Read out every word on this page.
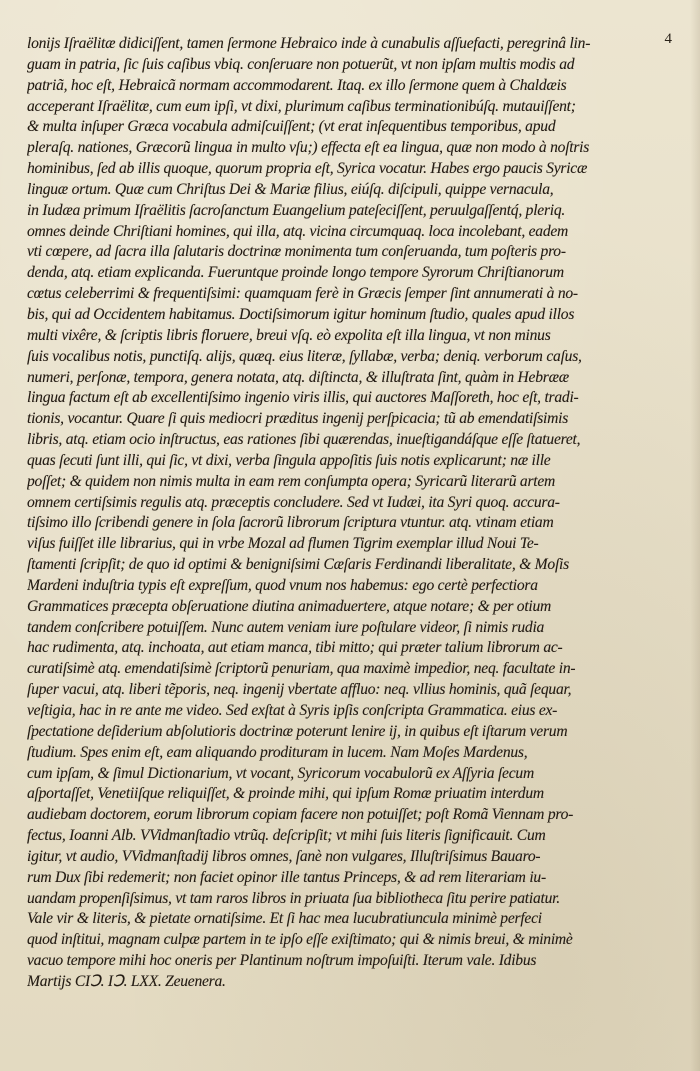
4

lonijs Iſraëlitæ didiciſſent, tamen ſermone Hebraico inde à cunabulis aſſuefacti, peregrinâ lin-

guam in patria, ſic ſuis caſibus vbiq. conſeruare non potuerũt, vt non ipſam multis modis ad

patriã, hoc eſt, Hebraicã normam accommodarent. Itaq. ex illo ſermone quem à Chaldæis

acceperant Iſraëlitæ, cum eum ipſi, vt dixi, plurimum caſibus terminationibúſq. mutauiſſent;

& multa inſuper Græca vocabula admiſcuiſſent; (vt erat inſequentibus temporibus, apud

pleraſq. nationes, Græcorũ lingua in multo vſu;) effecta eſt ea lingua, quæ non modo à noſtris

hominibus, ſed ab illis quoque, quorum propria eſt, Syrica vocatur. Habes ergo paucis Syricæ

linguæ ortum. Quæ cum Chriſtus Dei & Mariæ filius, eiúſq. diſcipuli, quippe vernacula,

in Iudæa primum Iſraëlitis ſacroſanctum Euangelium pateſeciſſent, peruulgaſſentq́, pleriq.

omnes deinde Chriſtiani homines, qui illa, atq. vicina circumquaq. loca incolebant, eadem

vti cœpere, ad ſacra illa ſalutaris doctrinæ monimenta tum conſeruanda, tum poſteris pro-

denda, atq. etiam explicanda. Fueruntque proinde longo tempore Syrorum Chriſtianorum

cœtus celeberrimi & frequentiſsimi: quamquam ferè in Græcis ſemper ſint annumerati à no-

bis, qui ad Occidentem habitamus. Doctiſsimorum igitur hominum ſtudio, quales apud illos

multi vixêre, & ſcriptis libris floruere, breui vſq. eò expolita eſt illa lingua, vt non minus

ſuis vocalibus notis, punctiſq. alijs, quæq. eius literæ, ſyllabæ, verba; deniq. verborum caſus,

numeri, perſonæ, tempora, genera notata, atq. diſtincta, & illuſtrata ſint, quàm in Hebrææ

lingua factum eſt ab excellentiſsimo ingenio viris illis, qui auctores Maſſoreth, hoc eſt, tradi-

tionis, vocantur. Quare ſi quis mediocri præditus ingenij perſpicacia; tũ ab emendatiſsimis

libris, atq. etiam ocio inſtructus, eas rationes ſibi quærendas, inueſtigandáſque eſſe ſtatueret,

quas ſecuti ſunt illi, qui ſic, vt dixi, verba ſingula appoſitis ſuis notis explicarunt; næ ille

poſſet; & quidem non nimis multa in eam rem conſumpta opera; Syricarũ literarũ artem

omnem certiſsimis regulis atq. præceptis concludere. Sed vt Iudæi, ita Syri quoq. accura-

tiſsimo illo ſcribendi genere in ſola ſacrorũ librorum ſcriptura vtuntur. atq. vtinam etiam

viſus fuiſſet ille librarius, qui in vrbe Mozal ad flumen Tigrim exemplar illud Noui Te-

ſtamenti ſcripſit; de quo id optimi & benigniſsimi Cæſaris Ferdinandi liberalitate, & Moſis

Mardeni induſtria typis eſt expreſſum, quod vnum nos habemus: ego certè perfectiora

Grammatices præcepta obſeruatione diutina animaduertere, atque notare; & per otium

tandem conſcribere potuiſſem. Nunc autem veniam iure poſtulare videor, ſi nimis rudia

hac rudimenta, atq. inchoata, aut etiam manca, tibi mitto; qui præter talium librorum ac-

curatiſsimè atq. emendatiſsimè ſcriptorũ penuriam, qua maximè impedior, neq. facultate in-

ſuper vacui, atq. liberi tẽporis, neq. ingenij vbertate affluo: neq. vllius hominis, quã ſequar,

veſtigia, hac in re ante me video. Sed exſtat à Syris ipſis conſcripta Grammatica. eius ex-

ſpectatione deſiderium abſolutioris doctrinæ poterunt lenire ij, in quibus eſt iſtarum verum

ſtudium. Spes enim eſt, eam aliquando prodituram in lucem. Nam Moſes Mardenus,

cum ipſam, & ſimul Dictionarium, vt vocant, Syricorum vocabulorũ ex Aſſyria ſecum

aſportaſſet, Venetiiſque reliquiſſet, & proinde mihi, qui ipſum Romæ priuatim interdum

audiebam doctorem, eorum librorum copiam facere non potuiſſet; poſt Romã Viennam pro-

fectus, Ioanni Alb. VVidmanſtadio vtrũq. deſcripſit; vt mihi ſuis literis ſignificauit. Cum

igitur, vt audio, VVidmanſtadij libros omnes, ſanè non vulgares, Illuſtriſsimus Bauaro-

rum Dux ſibi redemerit; non faciet opinor ille tantus Princeps, & ad rem literariam iu-

uandam propenſiſsimus, vt tam raros libros in priuata ſua bibliotheca ſitu perire patiatur.

Vale vir & literis, & pietate ornatiſsime. Et ſi hac mea lucubratiuncula minimè perfeci

quod inſtitui, magnam culpæ partem in te ipſo eſſe exiſtimato; qui & nimis breui, & minimè

vacuo tempore mihi hoc oneris per Plantinum noſtrum impoſuiſti. Iterum vale. Idibus

Martijs CIↃ. IↃ. LXX. Zeuenera.
